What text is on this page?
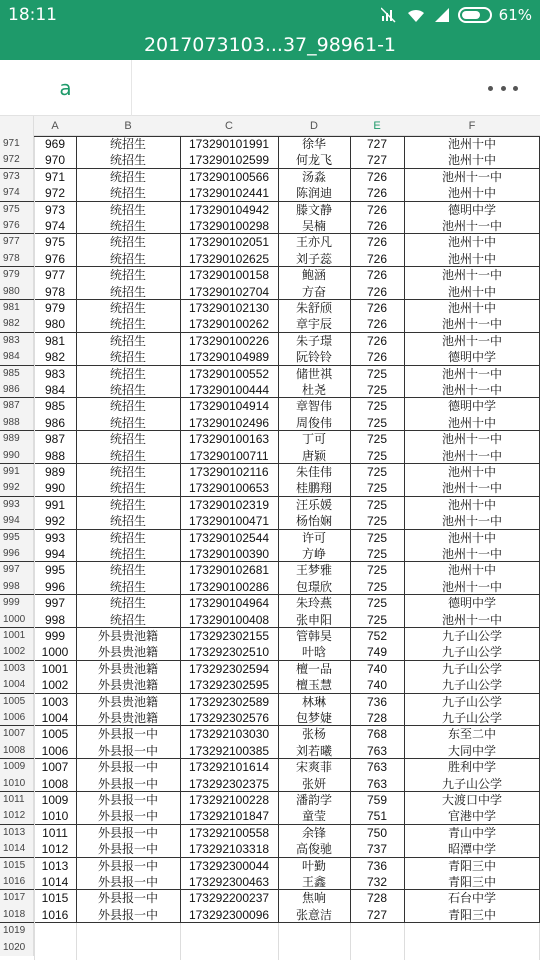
18:11	61%
2017073103...37_98961-1
a
A	B	C	D	E	F
971	969	统招生	173290101991	徐华	727	池州十中
972	970	统招生	173290102599	何龙飞	727	池州十中
973	971	统招生	173290100566	汤淼	726	池州十一中
974	972	统招生	173290102441	陈润迪	726	池州十中
975	973	统招生	173290104942	滕文静	726	德明中学
976	974	统招生	173290100298	吴楠	726	池州十一中
977	975	统招生	173290102051	王亦凡	726	池州十中
978	976	统招生	173290102625	刘子蕊	726	池州十中
979	977	统招生	173290100158	鲍涵	726	池州十一中
980	978	统招生	173290102704	方奋	726	池州十中
981	979	统招生	173290102130	朱舒颀	726	池州十中
982	980	统招生	173290100262	章宇辰	726	池州十一中
983	981	统招生	173290100226	朱子璟	726	池州十一中
984	982	统招生	173290104989	阮铃铃	726	德明中学
985	983	统招生	173290100552	储世祺	725	池州十一中
986	984	统招生	173290100444	杜尧	725	池州十一中
987	985	统招生	173290104914	章智伟	725	德明中学
988	986	统招生	173290102496	周俊伟	725	池州十中
989	987	统招生	173290100163	丁可	725	池州十一中
990	988	统招生	173290100711	唐颖	725	池州十一中
991	989	统招生	173290102116	朱佳伟	725	池州十中
992	990	统招生	173290100653	桂鹏翔	725	池州十一中
993	991	统招生	173290102319	汪乐媛	725	池州十中
994	992	统招生	173290100471	杨怡娴	725	池州十一中
995	993	统招生	173290102544	许可	725	池州十中
996	994	统招生	173290100390	方峥	725	池州十一中
997	995	统招生	173290102681	王梦雅	725	池州十中
998	996	统招生	173290100286	包璟欣	725	池州十一中
999	997	统招生	173290104964	朱玲燕	725	德明中学
1000	998	统招生	173290100408	张申阳	725	池州十一中
1001	999	外县贵池籍	173292302155	管韩昊	752	九子山公学
1002	1000	外县贵池籍	173292302510	叶晗	749	九子山公学
1003	1001	外县贵池籍	173292302594	檀一品	740	九子山公学
1004	1002	外县贵池籍	173292302595	檀玉慧	740	九子山公学
1005	1003	外县贵池籍	173292302589	林琳	736	九子山公学
1006	1004	外县贵池籍	173292302576	包梦婕	728	九子山公学
1007	1005	外县报一中	173292103030	张杨	768	东至二中
1008	1006	外县报一中	173292100385	刘若曦	763	大同中学
1009	1007	外县报一中	173292101614	宋爽菲	763	胜利中学
1010	1008	外县报一中	173292302375	张妍	763	九子山公学
1011	1009	外县报一中	173292100228	潘韵学	759	大渡口中学
1012	1010	外县报一中	173292101847	童莹	751	官港中学
1013	1011	外县报一中	173292100558	余锋	750	青山中学
1014	1012	外县报一中	173292103318	高俊驰	737	昭潭中学
1015	1013	外县报一中	173292300044	叶勤	736	青阳三中
1016	1014	外县报一中	173292300463	王鑫	732	青阳三中
1017	1015	外县报一中	173292200237	焦响	728	石台中学
1018	1016	外县报一中	173292300096	张意洁	727	青阳三中
1019
1020
